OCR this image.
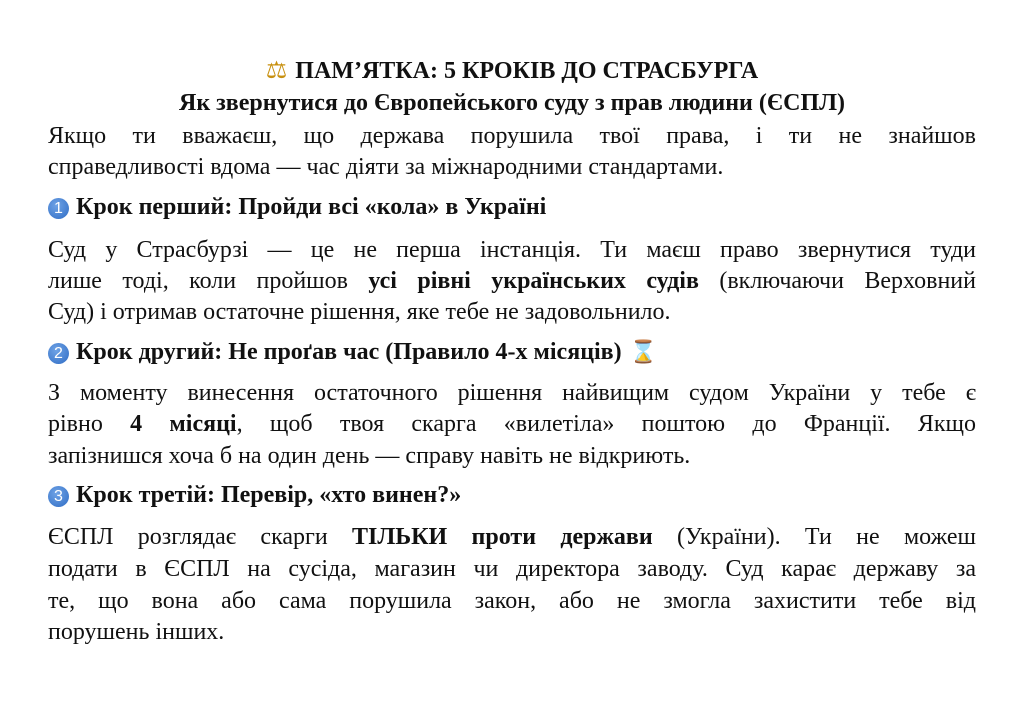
⚖ ПАМ’ЯТКА: 5 КРОКІВ ДО СТРАСБУРГА
Як звернутися до Європейського суду з прав людини (ЄСПЛ)
Якщо ти вважаєш, що держава порушила твої права, і ти не знайшов
справедливості вдома — час діяти за міжнародними стандартами.
1 Крок перший: Пройди всі «кола» в Україні
Суд у Страсбурзі — це не перша інстанція. Ти маєш право звернутися туди
лише тоді, коли пройшов усі рівні українських судів (включаючи Верховний
Суд) і отримав остаточне рішення, яке тебе не задовольнило.
2 Крок другий: Не проґав час (Правило 4-х місяців) ⌛
З моменту винесення остаточного рішення найвищим судом України у тебе є
рівно 4 місяці, щоб твоя скарга «вилетіла» поштою до Франції. Якщо
запізнишся хоча б на один день — справу навіть не відкриють.
3 Крок третій: Перевір, «хто винен?»
ЄСПЛ розглядає скарги ТІЛЬКИ проти держави (України). Ти не можеш
подати в ЄСПЛ на сусіда, магазин чи директора заводу. Суд карає державу за
те, що вона або сама порушила закон, або не змогла захистити тебе від
порушень інших.
